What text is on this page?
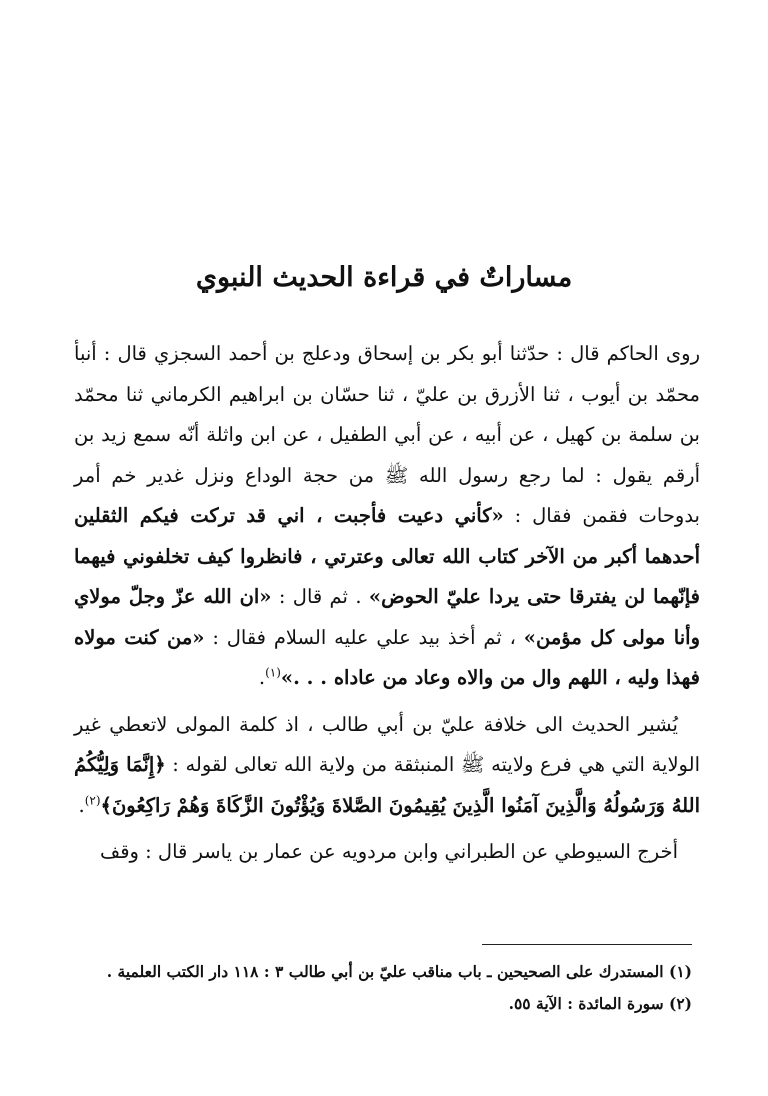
مساراتٌ في قراءة الحديث النبوي

روى الحاكم قال : حدّثنا أبو بكر بن إسحاق ودعلج بن أحمد السجزي قال : أنبأ محمّد بن أيوب ، ثنا الأزرق بن عليّ ، ثنا حسّان بن ابراهيم الكرماني ثنا محمّد بن سلمة بن كهيل ، عن أبيه ، عن أبي الطفيل ، عن ابن واثلة أنّه سمع زيد بن أرقم يقول : لما رجع رسول الله ﷺ من حجة الوداع ونزل غدير خم أمر بدوحات فقمن فقال : «كأني دعيت فأجبت ، اني قد تركت فيكم الثقلين أحدهما أكبر من الآخر كتاب الله تعالى وعترتي ، فانظروا كيف تخلفوني فيهما فإنّهما لن يفترقا حتى يردا عليّ الحوض» . ثم قال : «ان الله عزّ وجلّ مولاي وأنا مولى كل مؤمن» ، ثم أخذ بيد علي عليه السلام فقال : «من كنت مولاه فهذا وليه ، اللهم وال من والاه وعاد من عاداه . . .»$^{(١)}$.

يُشير الحديث الى خلافة عليّ بن أبي طالب ، اذ كلمة المولى لاتعطي غير الولاية التي هي فرع ولايته ﷺ المنبثقة من ولاية الله تعالى لقوله : ﴿إِنَّمَا وَلِيُّكُمُ اللهُ وَرَسُولُهُ وَالَّذِينَ آمَنُوا الَّذِينَ يُقِيمُونَ الصَّلاةَ وَيُؤْتُونَ الزَّكَاةَ وَهُمْ رَاكِعُونَ﴾$^{(٢)}$.

أخرج السيوطي عن الطبراني وابن مردويه عن عمار بن ياسر قال : وقف

(١) المستدرك على الصحيحين ـ باب مناقب عليّ بن أبي طالب ٣ : ١١٨ دار الكتب العلمية .

(٢) سورة المائدة : الآية ٥٥.
